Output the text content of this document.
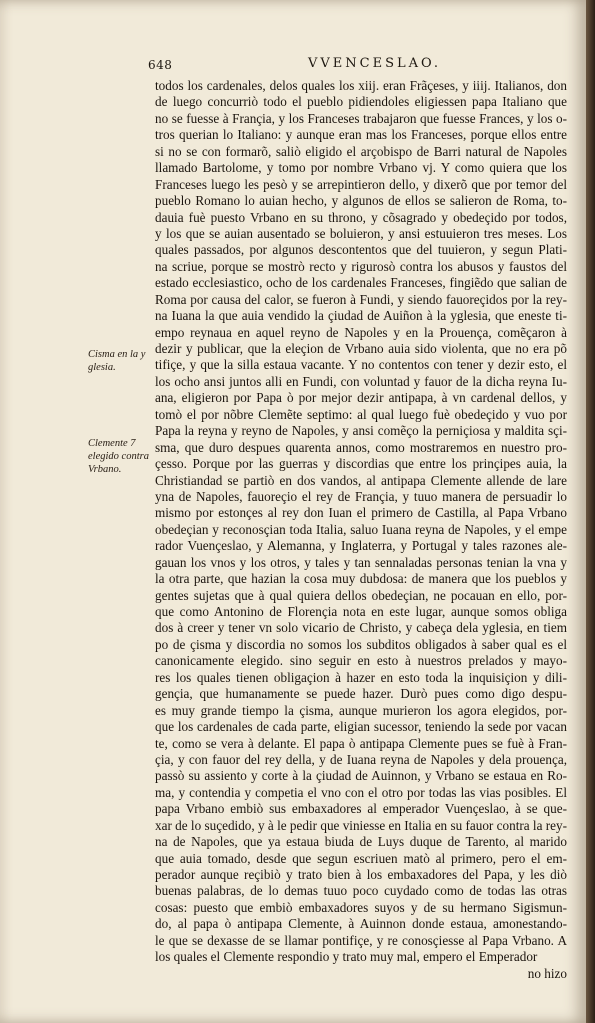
648	VVENCESLAO.
Cisma en la y
glesia.
Clemente 7
elegido contra
Vrbano.
todos los cardenales, delos quales los xiij. eran Frãçeses, y iiij. Italianos, don
de luego concurriò todo el pueblo pidiendoles eligiessen papa Italiano que
no se fuesse à Françia, y los Franceses trabajaron que fuesse Frances, y los o-
tros querian lo Italiano: y aunque eran mas los Franceses, porque ellos entre
si no se con formarõ, saliò eligido el arçobispo de Barri natural de Napoles
llamado Bartolome, y tomo por nombre Vrbano vj. Y como quiera que los
Franceses luego les pesò y se arrepintieron dello, y dixerõ que por temor del
pueblo Romano lo auian hecho, y algunos de ellos se salieron de Roma, to-
dauia fuè puesto Vrbano en su throno, y cõsagrado y obedeçido por todos,
y los que se auian ausentado se boluieron, y ansi estuuieron tres meses. Los
quales passados, por algunos descontentos que del tuuieron, y segun Plati-
na scriue, porque se mostrò recto y rigurosò contra los abusos y faustos del
estado ecclesiastico, ocho de los cardenales Franceses, fingiẽdo que salian de
Roma por causa del calor, se fueron à Fundi, y siendo fauoreçidos por la rey-
na Iuana la que auia vendido la çiudad de Auiñon à la yglesia, que eneste ti-
empo reynaua en aquel reyno de Napoles y en la Prouença, comẽçaron à
dezir y publicar, que la eleçion de Vrbano auia sido violenta, que no era põ
tifiçe, y que la silla estaua vacante. Y no contentos con tener y dezir esto, el
los ocho ansi juntos alli en Fundi, con voluntad y fauor de la dicha reyna Iu-
ana, eligieron por Papa ò por mejor dezir antipapa, à vn cardenal dellos, y
tomò el por nõbre Clemẽte septimo: al qual luego fuè obedeçido y vuo por
Papa la reyna y reyno de Napoles, y ansi comẽço la perniçiosa y maldita sçi-
sma, que duro despues quarenta annos, como mostraremos en nuestro pro-
çesso. Porque por las guerras y discordias que entre los prinçipes auia, la
Christiandad se partiò en dos vandos, al antipapa Clemente allende de lare
yna de Napoles, fauoreçio el rey de Françia, y tuuo manera de persuadir lo
mismo por estonçes al rey don Iuan el primero de Castilla, al Papa Vrbano
obedeçian y reconosçian toda Italia, saluo Iuana reyna de Napoles, y el empe
rador Vuençeslao, y Alemanna, y Inglaterra, y Portugal y tales razones ale-
gauan los vnos y los otros, y tales y tan sennaladas personas tenian la vna y
la otra parte, que hazian la cosa muy dubdosa: de manera que los pueblos y
gentes sujetas que à qual quiera dellos obedeçian, ne pocauan en ello, por-
que como Antonino de Florençia nota en este lugar, aunque somos obliga
dos à creer y tener vn solo vicario de Christo, y cabeça dela yglesia, en tiem
po de çisma y discordia no somos los subditos obligados à saber qual es el
canonicamente elegido. sino seguir en esto à nuestros prelados y mayo-
res los quales tienen obligaçion à hazer en esto toda la inquisiçion y dili-
gençia, que humanamente se puede hazer. Durò pues como digo despu-
es muy grande tiempo la çisma, aunque murieron los agora elegidos, por-
que los cardenales de cada parte, eligian sucessor, teniendo la sede por vacan
te, como se vera à delante. El papa ò antipapa Clemente pues se fuè à Fran-
çia, y con fauor del rey della, y de Iuana reyna de Napoles y dela prouença,
passò su assiento y corte à la çiudad de Auinnon, y Vrbano se estaua en Ro-
ma, y contendia y competia el vno con el otro por todas las vias posibles. El
papa Vrbano embiò sus embaxadores al emperador Vuençeslao, à se que-
xar de lo suçedido, y à le pedir que viniesse en Italia en su fauor contra la rey-
na de Napoles, que ya estaua biuda de Luys duque de Tarento, al marido
que auia tomado, desde que segun escriuen matò al primero, pero el em-
perador aunque reçibiò y trato bien à los embaxadores del Papa, y les diò
buenas palabras, de lo demas tuuo poco cuydado como de todas las otras
cosas: puesto que embiò embaxadores suyos y de su hermano Sigismun-
do, al papa ò antipapa Clemente, à Auinnon donde estaua, amonestando-
le que se dexasse de se llamar pontifiçe, y re conosçiesse al Papa Vrbano. A
los quales el Clemente respondio y trato muy mal, empero el Emperador
no hizo
